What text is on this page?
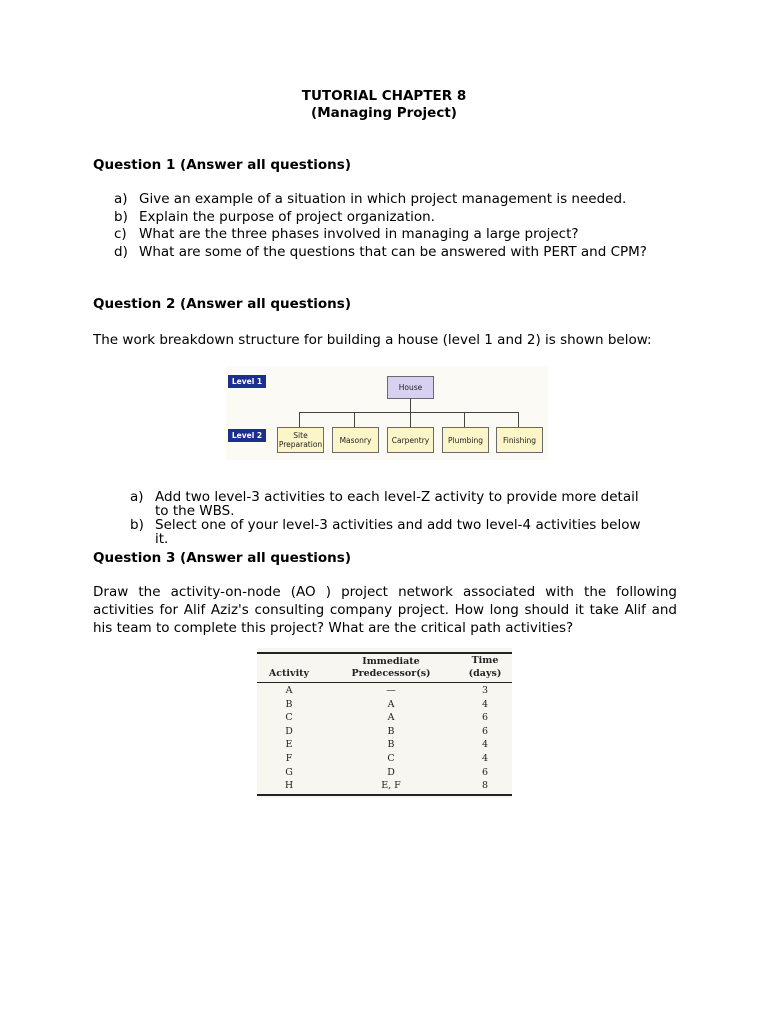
TUTORIAL CHAPTER 8
(Managing Project)
Question 1 (Answer all questions)
a) Give an example of a situation in which project management is needed.
b) Explain the purpose of project organization.
c) What are the three phases involved in managing a large project?
d) What are some of the questions that can be answered with PERT and CPM?
Question 2 (Answer all questions)
The work breakdown structure for building a house (level 1 and 2) is shown below:
Level 1
Level 2
House
Site Preparation	Masonry	Carpentry	Plumbing	Finishing
a) Add two level-3 activities to each level-Z activity to provide more detail to the WBS.
b) Select one of your level-3 activities and add two level-4 activities below it.
Question 3 (Answer all questions)
Draw the activity-on-node (AO ) project network associated with the following activities for Alif Aziz's consulting company project. How long should it take Alif and his team to complete this project? What are the critical path activities?
Activity
Immediate
Predecessor(s)
Time
(days)
A	—	3
B	A	4
C	A	6
D	B	6
E	B	4
F	C	4
G	D	6
H	E, F	8
